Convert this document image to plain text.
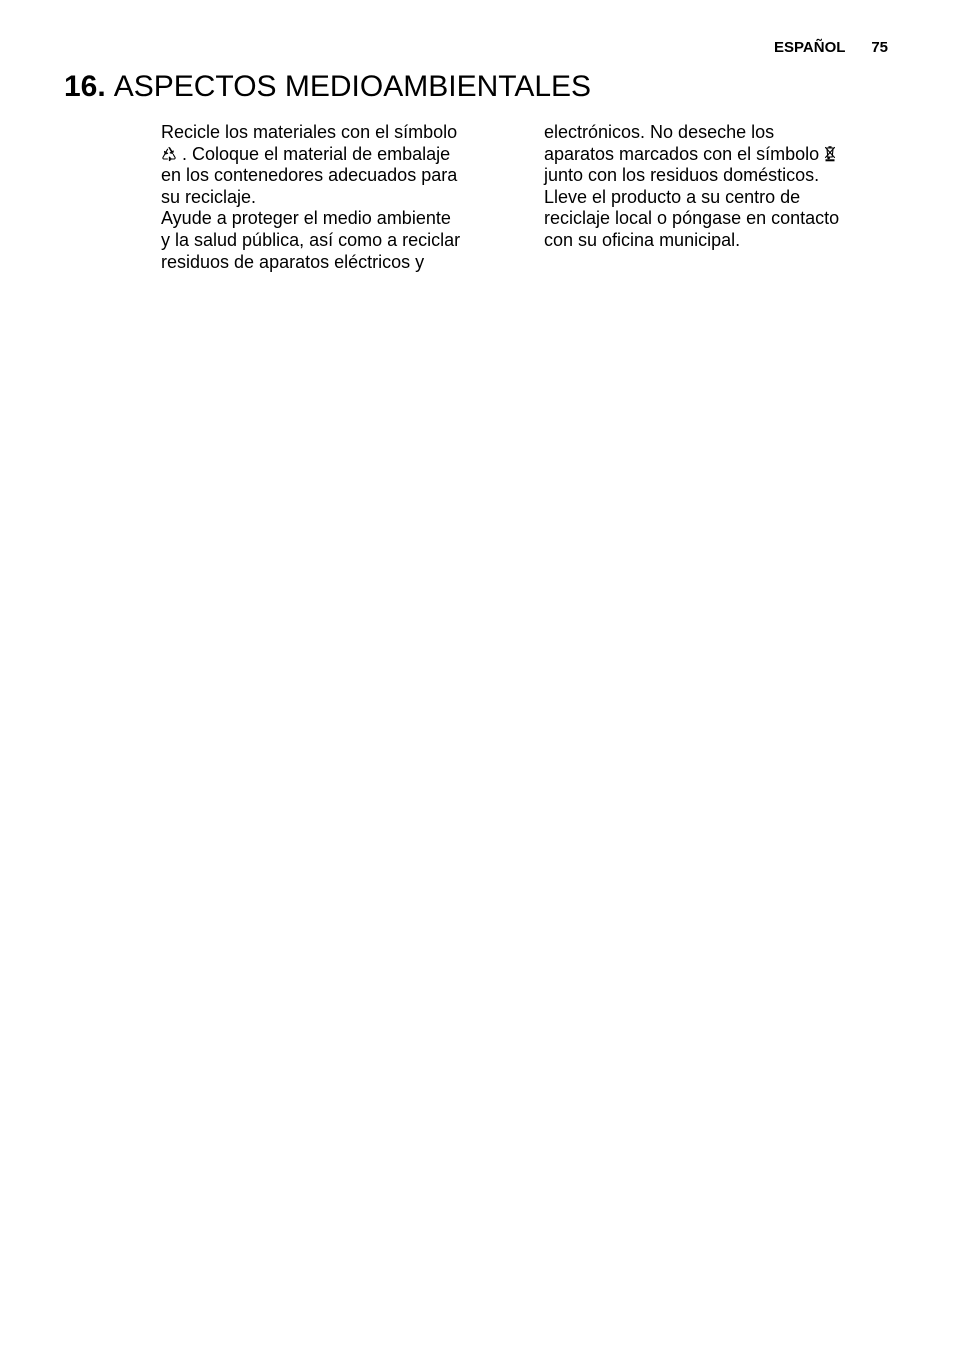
ESPAÑOL 75
16. ASPECTOS MEDIOAMBIENTALES

Recicle los materiales con el símbolo
. Coloque el material de embalaje
en los contenedores adecuados para
su reciclaje.

Ayude a proteger el medio ambiente
y la salud pública, así como a reciclar
residuos de aparatos eléctricos y

electrónicos. No deseche los
aparatos marcados con el símbolo
junto con los residuos domésticos.
Lleve el producto a su centro de
reciclaje local o póngase en contacto
con su oficina municipal.
